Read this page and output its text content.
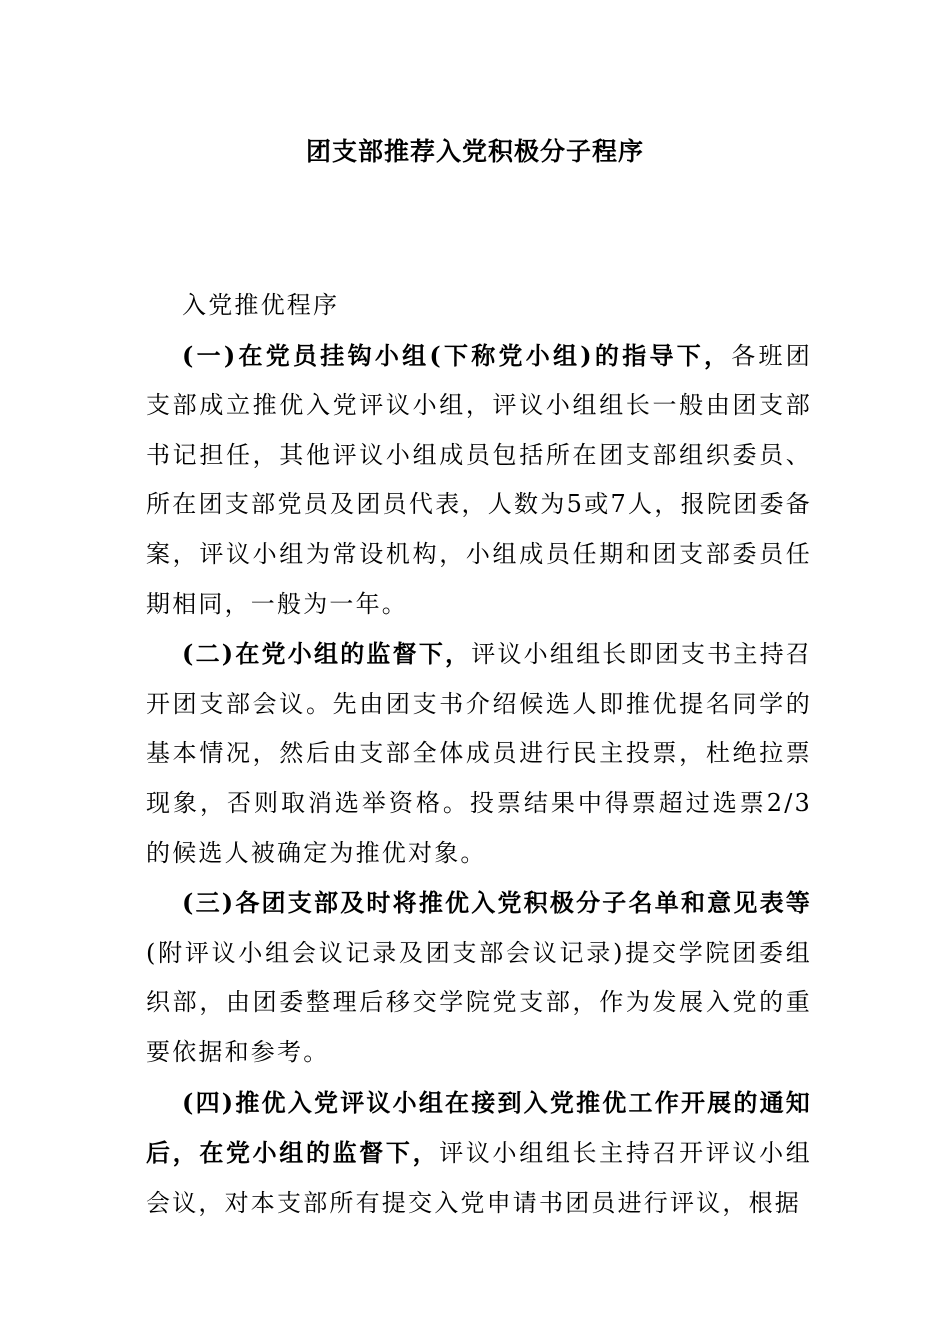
团支部推荐入党积极分子程序

入党推优程序

(一)在党员挂钩小组(下称党小组)的指导下，各班团支部成立推优入党评议小组，评议小组组长一般由团支部书记担任，其他评议小组成员包括所在团支部组织委员、所在团支部党员及团员代表，人数为5或7人，报院团委备案，评议小组为常设机构，小组成员任期和团支部委员任期相同，一般为一年。

(二)在党小组的监督下，评议小组组长即团支书主持召开团支部会议。先由团支书介绍候选人即推优提名同学的基本情况，然后由支部全体成员进行民主投票，杜绝拉票现象，否则取消选举资格。投票结果中得票超过选票2/3的候选人被确定为推优对象。

(三)各团支部及时将推优入党积极分子名单和意见表等(附评议小组会议记录及团支部会议记录)提交学院团委组织部，由团委整理后移交学院党支部，作为发展入党的重要依据和参考。

(四)推优入党评议小组在接到入党推优工作开展的通知后，在党小组的监督下，评议小组组长主持召开评议小组会议，对本支部所有提交入党申请书团员进行评议，根据
